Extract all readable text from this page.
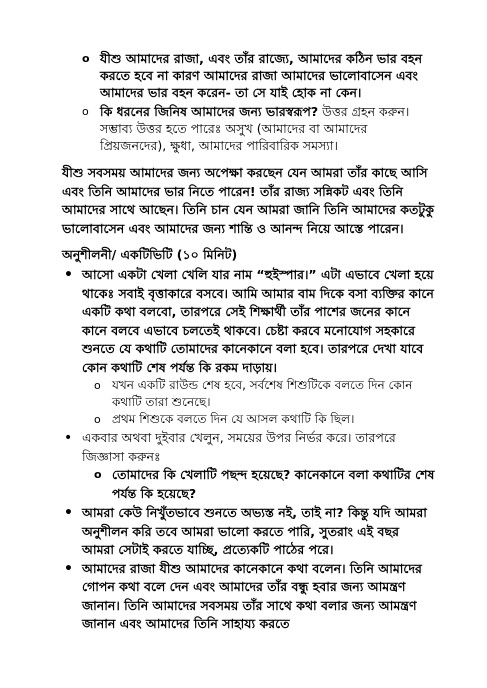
o যীশু আমাদের রাজা, এবং তাঁর রাজ্যে, আমাদের কঠিন ভার বহন করতে হবে না কারণ আমাদের রাজা আমাদের ভালোবাসেন এবং আমাদের ভার বহন করেন- তা সে যাই হোক না কেন।
o কি ধরনের জিনিষ আমাদের জন্য ভারস্বরূপ? উত্তর গ্রহন করুন।
সম্ভাব্য উত্তর হতে পারেঃ অসুখ (আমাদের বা আমাদের প্রিয়জনদের), ক্ষুধা, আমাদের পারিবারিক সমস্যা।

যীশু সবসময় আমাদের জন্য অপেক্ষা করছেন যেন আমরা তাঁর কাছে আসি এবং তিনি আমাদের ভার নিতে পারেন! তাঁর রাজ্য সন্নিকট এবং তিনি আমাদের সাথে আছেন। তিনি চান যেন আমরা জানি তিনি আমাদের কতটুকু ভালোবাসেন এবং আমাদের জন্য শান্তি ও আনন্দ নিয়ে আস্তে পারেন।

অনুশীলনী/ একটিভিটি (১০ মিনিট)
• আসো একটা খেলা খেলি যার নাম “হুইস্পার।” এটা এভাবে খেলা হয়ে থাকেঃ সবাই বৃত্তাকারে বসবে। আমি আমার বাম দিকে বসা ব্যক্তির কানে একটি কথা বলবো, তারপরে সেই শিক্ষার্থী তাঁর পাশের জনের কানে কানে বলবে এভাবে চলতেই থাকবে। চেষ্টা করবে মনোযোগ সহকারে শুনতে যে কথাটি তোমাদের কানেকানে বলা হবে। তারপরে দেখা যাবে কোন কথাটি শেষ পর্যন্ত কি রকম দাড়ায়।
o যখন একটি রাউন্ড শেষ হবে, সর্বশেষ শিশুটিকে বলতে দিন কোন কথাটি তারা শুনেছে।
o প্রথম শিশুকে বলতে দিন যে আসল কথাটি কি ছিল।
• একবার অথবা দুইবার খেলুন, সময়ের উপর নির্ভর করে। তারপরে জিজ্ঞাসা করুনঃ
o তোমাদের কি খেলাটি পছন্দ হয়েছে? কানেকানে বলা কথাটির শেষ পর্যন্ত কি হয়েছে?
• আমরা কেউ নিখুঁতভাবে শুনতে অভ্যস্ত নই, তাই না? কিন্তু যদি আমরা অনুশীলন করি তবে আমরা ভালো করতে পারি, সুতরাং এই বছর আমরা সেটাই করতে যাচ্ছি, প্রত্যেকটি পাঠের পরে।
• আমাদের রাজা যীশু আমাদের কানেকানে কথা বলেন। তিনি আমাদের গোপন কথা বলে দেন এবং আমাদের তাঁর বন্ধু হবার জন্য আমন্ত্রণ জানান। তিনি আমাদের সবসময় তাঁর সাথে কথা বলার জন্য আমন্ত্রণ জানান এবং আমাদের তিনি সাহায্য করতে
